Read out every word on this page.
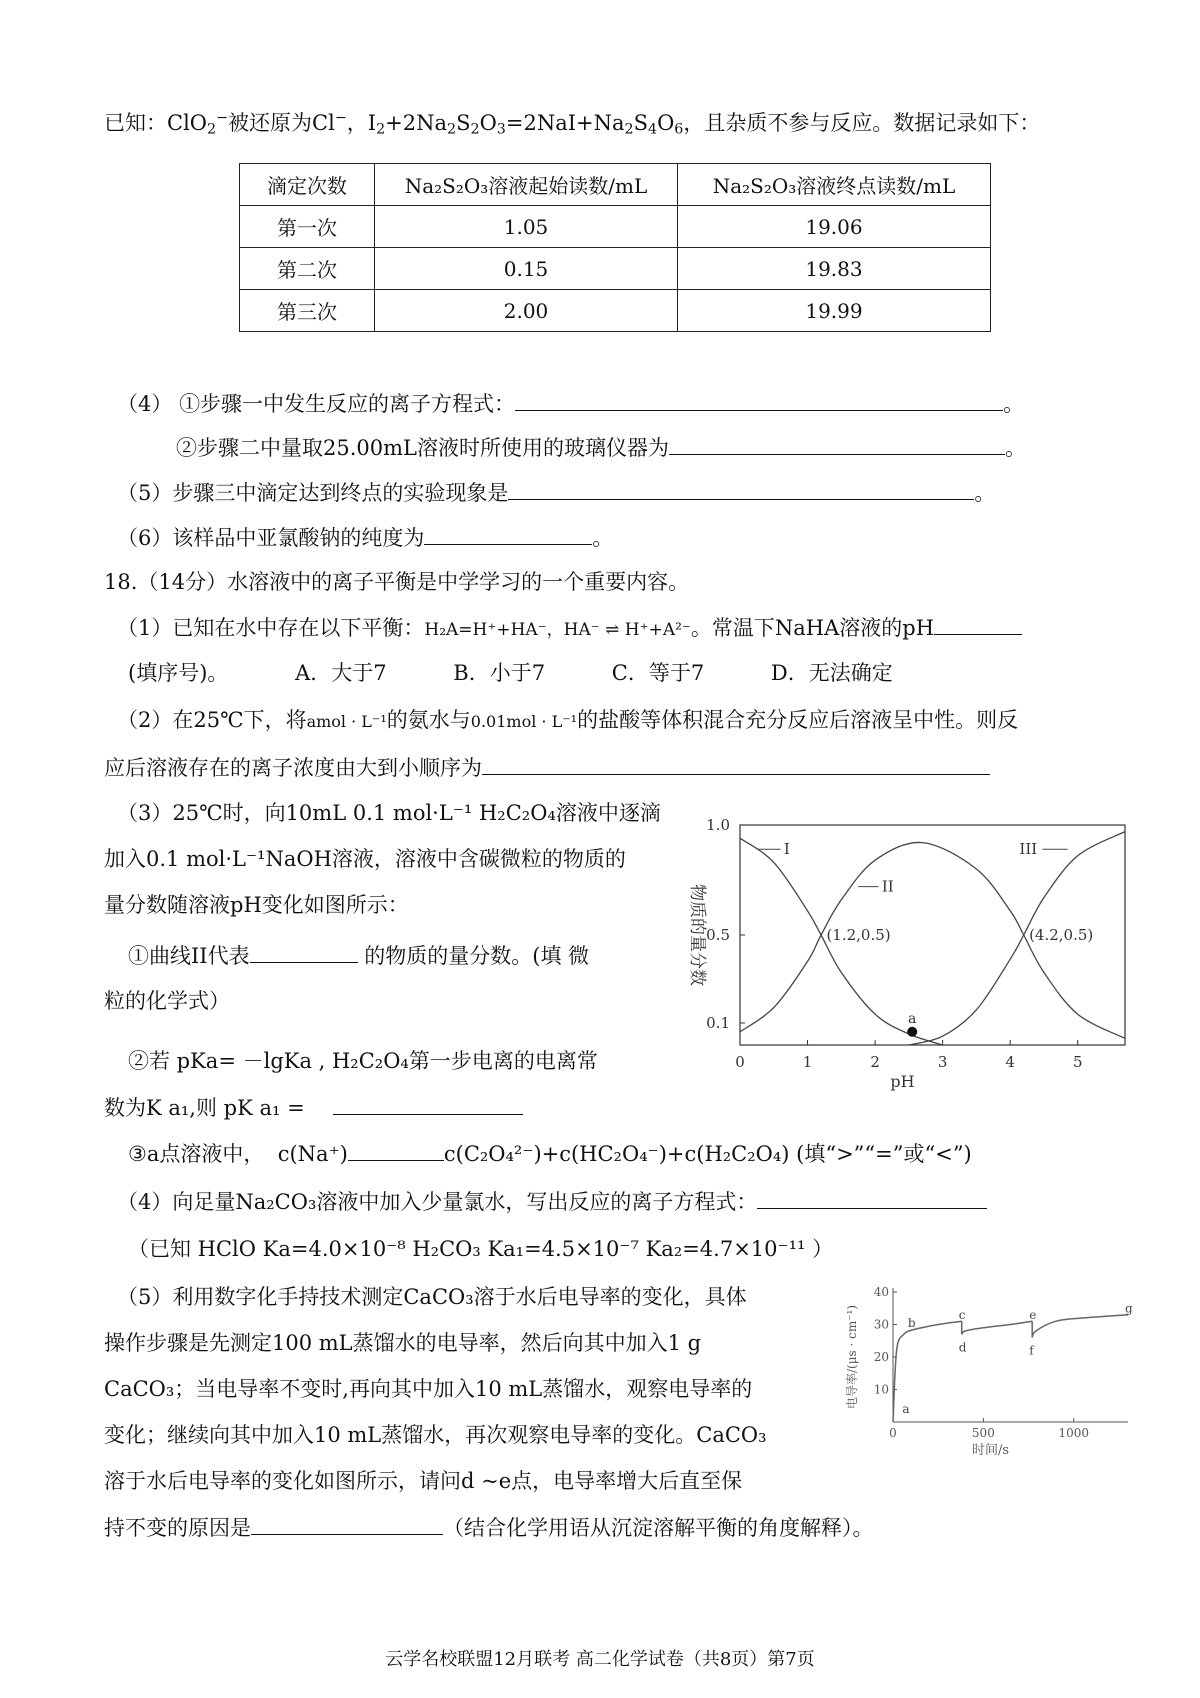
已知：ClO$_2$−被还原为Cl−，$I_2+2Na_2S_2O_3=2NaI+Na_2S_4O_6$，且杂质不参与反应。数据记录如下：
滴定次数	Na₂S₂O₃溶液起始读数/mL	Na₂S₂O₃溶液终点读数/mL
第一次	1.05	19.06
第二次	0.15	19.83
第三次	2.00	19.99
（4） ①步骤一中发生反应的离子方程式：	。
②步骤二中量取25.00mL溶液时所使用的玻璃仪器为	。
（5）步骤三中滴定达到终点的实验现象是	。
（6）该样品中亚氯酸钠的纯度为	。
18.（14分）水溶液中的离子平衡是中学学习的一个重要内容。
（1）已知在水中存在以下平衡：H₂A=H⁺+HA⁻，HA⁻ ⇌ H⁺+A²⁻。常温下NaHA溶液的pH
(填序号)。	A．大于7	B．小于7	C．等于7	D．无法确定
（2）在25℃下，将amol · L⁻¹的氨水与0.01mol · L⁻¹的盐酸等体积混合充分反应后溶液呈中性。则反
应后溶液存在的离子浓度由大到小顺序为
（3）25℃时，向10mL 0.1 mol·L⁻¹ H₂C₂O₄溶液中逐滴
加入0.1 mol·L⁻¹NaOH溶液，溶液中含碳微粒的物质的
量分数随溶液pH变化如图所示：
①曲线II代表	的物质的量分数。(填 微
粒的化学式）
②若 pKa= －lgKa , H₂C₂O₄第一步电离的电离常
数为K a₁,则 pK a₁ =
③a点溶液中， c(Na⁺)	c(C₂O₄²⁻)+c(HC₂O₄⁻)+c(H₂C₂O₄) (填“>”“=”或“<”)
0	1	2	3	4	5
1.0
0.5
0.1
pH
物质的量分数
I
II
III
(1.2,0.5)	(4.2,0.5)
a
（4）向足量Na₂CO₃溶液中加入少量氯水，写出反应的离子方程式：
（已知 HClO Ka=4.0×10⁻⁸ H₂CO₃ Ka₁=4.5×10⁻⁷ Ka₂=4.7×10⁻¹¹ ）
（5）利用数字化手持技术测定CaCO₃溶于水后电导率的变化，具体
操作步骤是先测定100 mL蒸馏水的电导率，然后向其中加入1 g
CaCO₃；当电导率不变时,再向其中加入10 mL蒸馏水，观察电导率的
变化；继续向其中加入10 mL蒸馏水，再次观察电导率的变化。CaCO₃
溶于水后电导率的变化如图所示，请问d ~e点，电导率增大后直至保
持不变的原因是	（结合化学用语从沉淀溶解平衡的角度解释）。
10
20
30
40
0	500	1000
时间/s
电导率/(μs · cm⁻¹)	a
b
c
d
e
f
g
云学名校联盟12月联考 高二化学试卷（共8页）第7页
